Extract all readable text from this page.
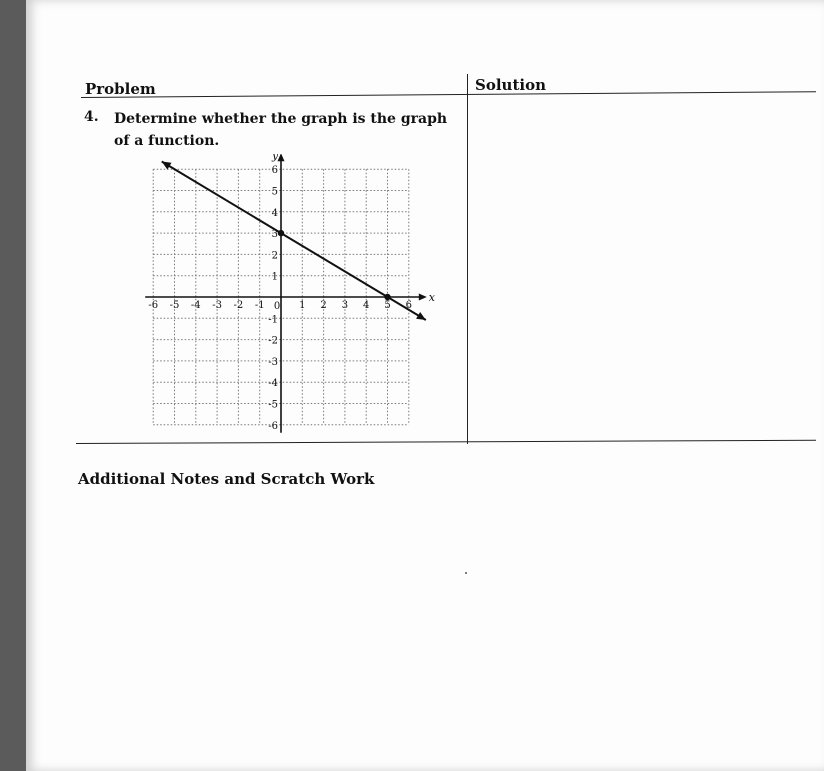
Problem	Solution
4. Determine whether the graph is the graph of a function.
x
y
-6 -5 -4 -3 -2 -1 0 1 2 3 4 5 6
6
5
4
3
2
1
-1
-2
-3
-4
-5
-6
Additional Notes and Scratch Work
